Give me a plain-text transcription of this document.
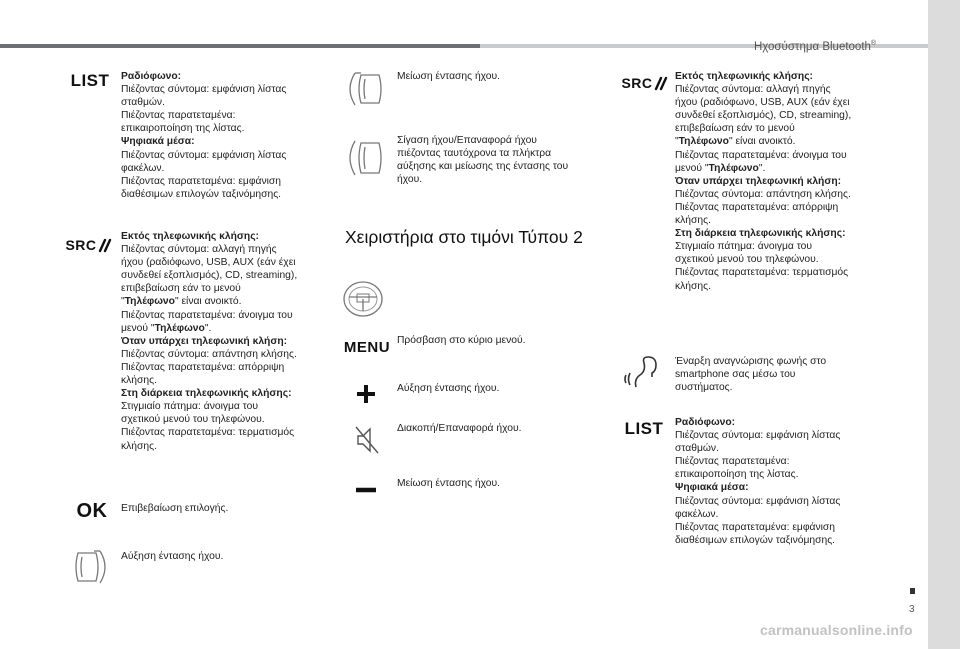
Ηχοσύστημα Bluetooth®
3
carmanualsonline.info
LIST Ραδιόφωνο:
Πιέζοντας σύντομα: εμφάνιση λίστας σταθμών.
Πιέζοντας παρατεταμένα: επικαιροποίηση της λίστας.
Ψηφιακά μέσα:
Πιέζοντας σύντομα: εμφάνιση λίστας φακέλων.
Πιέζοντας παρατεταμένα: εμφάνιση διαθέσιμων επιλογών ταξινόμησης.
SRC
Εκτός τηλεφωνικής κλήσης:
Πιέζοντας σύντομα: αλλαγή πηγής ήχου (ραδιόφωνο, USB, AUX (εάν έχει συνδεθεί εξοπλισμός), CD, streaming), επιβεβαίωση εάν το μενού "Τηλέφωνο" είναι ανοικτό.
Πιέζοντας παρατεταμένα: άνοιγμα του μενού "Τηλέφωνο".
Όταν υπάρχει τηλεφωνική κλήση:
Πιέζοντας σύντομα: απάντηση κλήσης.
Πιέζοντας παρατεταμένα: απόρριψη κλήσης.
Στη διάρκεια τηλεφωνικής κλήσης:
Στιγμιαίο πάτημα: άνοιγμα του σχετικού μενού του τηλεφώνου.
Πιέζοντας παρατεταμένα: τερματισμός κλήσης.
OK	Επιβεβαίωση επιλογής.
Αύξηση έντασης ήχου.
Μείωση έντασης ήχου.
Σίγαση ήχου/Επαναφορά ήχου πιέζοντας ταυτόχρονα τα πλήκτρα αύξησης και μείωσης της έντασης του ήχου.
Χειριστήρια στο τιμόνι Τύπου 2
MENU Πρόσβαση στο κύριο μενού.
Αύξηση έντασης ήχου.
Διακοπή/Επαναφορά ήχου.
Μείωση έντασης ήχου.
SRC Εκτός τηλεφωνικής κλήσης:
Πιέζοντας σύντομα: αλλαγή πηγής ήχου (ραδιόφωνο, USB, AUX (εάν έχει συνδεθεί εξοπλισμός), CD, streaming), επιβεβαίωση εάν το μενού "Τηλέφωνο" είναι ανοικτό.
Πιέζοντας παρατεταμένα: άνοιγμα του μενού "Τηλέφωνο".
Όταν υπάρχει τηλεφωνική κλήση:
Πιέζοντας σύντομα: απάντηση κλήσης.
Πιέζοντας παρατεταμένα: απόρριψη κλήσης.
Στη διάρκεια τηλεφωνικής κλήσης:
Στιγμιαίο πάτημα: άνοιγμα του σχετικού μενού του τηλεφώνου.
Πιέζοντας παρατεταμένα: τερματισμός κλήσης.
Έναρξη αναγνώρισης φωνής στο smartphone σας μέσω του συστήματος.
LIST Ραδιόφωνο:
Πιέζοντας σύντομα: εμφάνιση λίστας σταθμών.
Πιέζοντας παρατεταμένα: επικαιροποίηση της λίστας.
Ψηφιακά μέσα:
Πιέζοντας σύντομα: εμφάνιση λίστας φακέλων.
Πιέζοντας παρατεταμένα: εμφάνιση διαθέσιμων επιλογών ταξινόμησης.
